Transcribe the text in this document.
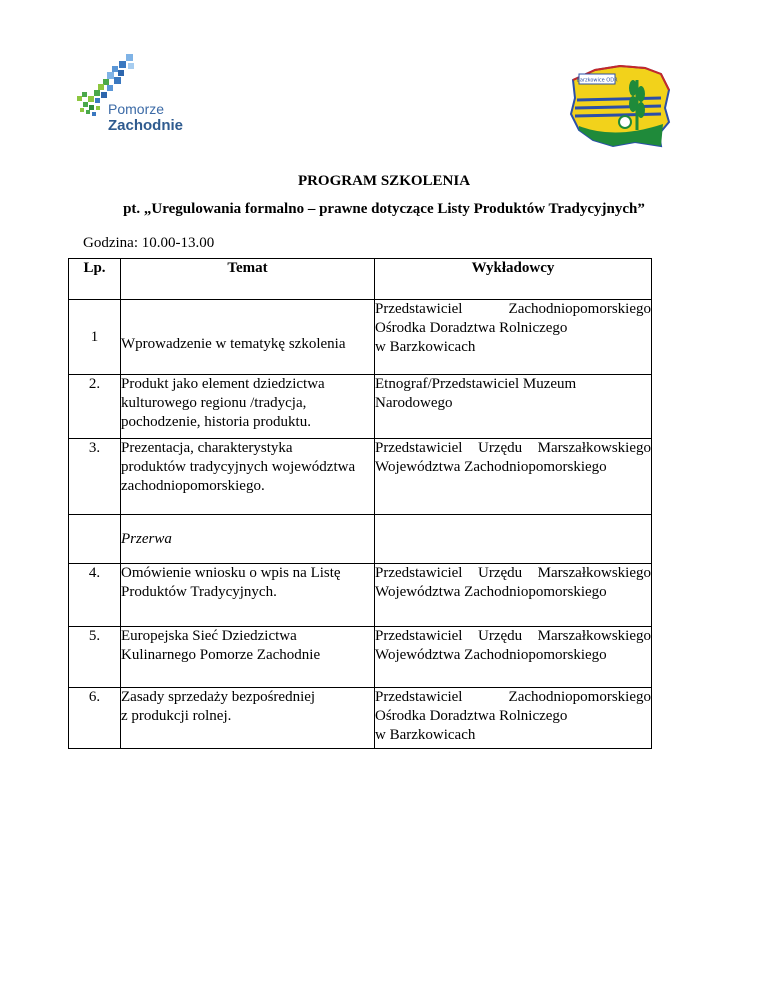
Pomorze
Zachodnie
Barzkowice ODR
PROGRAM SZKOLENIA
pt. „Uregulowania formalno – prawne dotyczące Listy Produktów Tradycyjnych”
Godzina: 10.00-13.00
Lp.	Temat	Wykładowcy
1	Wprowadzenie w tematykę szkolenia	Przedstawiciel Zachodniopomorskiego
Ośrodka Doradztwa Rolniczego
w Barzkowicach

2.	Produkt jako element dziedzictwa
kulturowego regionu /tradycja,
pochodzenie, historia produktu.	Etnograf/Przedstawiciel Muzeum
Narodowego

3.	Prezentacja, charakterystyka
produktów tradycyjnych województwa
zachodniopomorskiego.	Przedstawiciel Urzędu Marszałkowskiego
Województwa Zachodniopomorskiego

	Przerwa	

4.	Omówienie wniosku o wpis na Listę
Produktów Tradycyjnych.	Przedstawiciel Urzędu Marszałkowskiego
Województwa Zachodniopomorskiego

5.	Europejska Sieć Dziedzictwa
Kulinarnego Pomorze Zachodnie	Przedstawiciel Urzędu Marszałkowskiego
Województwa Zachodniopomorskiego

6.	Zasady sprzedaży bezpośredniej
z produkcji rolnej.	Przedstawiciel Zachodniopomorskiego
Ośrodka Doradztwa Rolniczego
w Barzkowicach
